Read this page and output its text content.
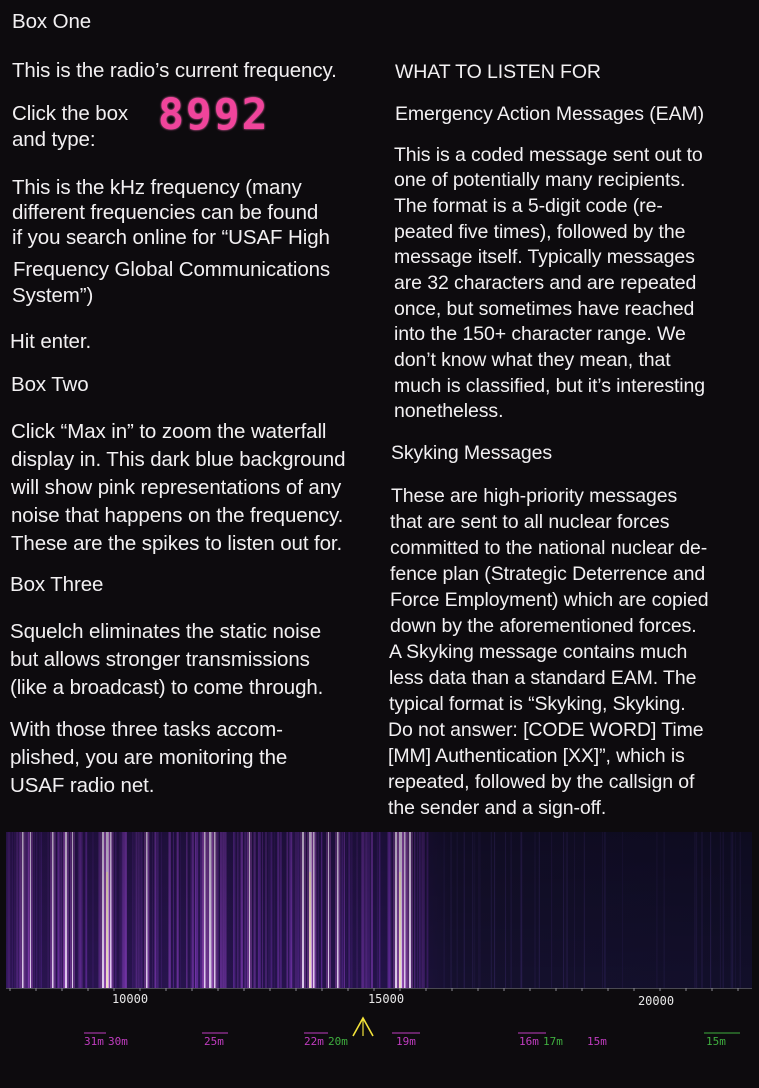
Box One

This is the radio’s current frequency.

Click the box

and type: 8992

This is the kHz frequency (many

different frequencies can be found

if you search online for “USAF High

Frequency Global Communications

System”)

Hit enter.

Box Two

Click “Max in” to zoom the waterfall

display in. This dark blue background

will show pink representations of any

noise that happens on the frequency.

These are the spikes to listen out for.

Box Three

Squelch eliminates the static noise

but allows stronger transmissions

(like a broadcast) to come through.

With those three tasks accom-

plished, you are monitoring the

USAF radio net.

WHAT TO LISTEN FOR

Emergency Action Messages (EAM)

This is a coded message sent out to

one of potentially many recipients.

The format is a 5-digit code (re-

peated five times), followed by the

message itself. Typically messages

are 32 characters and are repeated

once, but sometimes have reached

into the 150+ character range. We

don’t know what they mean, that

much is classified, but it’s interesting

nonetheless.

Skyking Messages

These are high-priority messages

that are sent to all nuclear forces

committed to the national nuclear de-

fence plan (Strategic Deterrence and

Force Employment) which are copied

down by the aforementioned forces.

A Skyking message contains much

less data than a standard EAM. The

typical format is “Skyking, Skyking.

Do not answer: [CODE WORD] Time

[MM] Authentication [XX]”, which is

repeated, followed by the callsign of

the sender and a sign-off.

10000	15000	20000
31m 30m	25m	22m 20m	19m	16m 17m 15m	15m
